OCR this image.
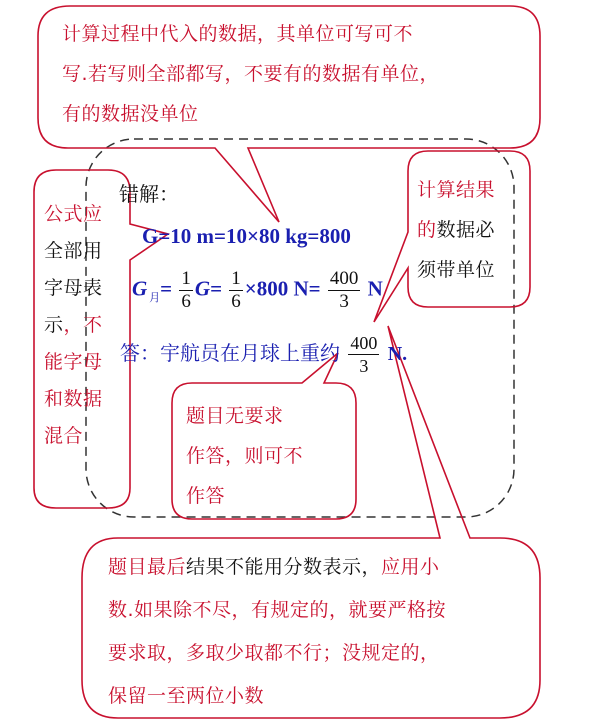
计算过程中代入的数据，其单位可写可不
写.若写则全部都写，不要有的数据有单位，
有的数据没单位
公式应
全部用
字母表
示，不
能字母
和数据
混合
计算结果
的数据必
须带单位
错解：
G=10 m=10×80 kg=800
G $_月= \frac{1}{6} G= \frac{1}{6} \times 800$ $N= \frac{400}{3}$ N
答：宇航员在月球上重约 $\frac{400}{3} N$.
题目无要求
作答，则可不
作答
题目最后结果不能用分数表示，应用小
数.如果除不尽，有规定的，就要严格按
要求取，多取少取都不行；没规定的，
保留一至两位小数
